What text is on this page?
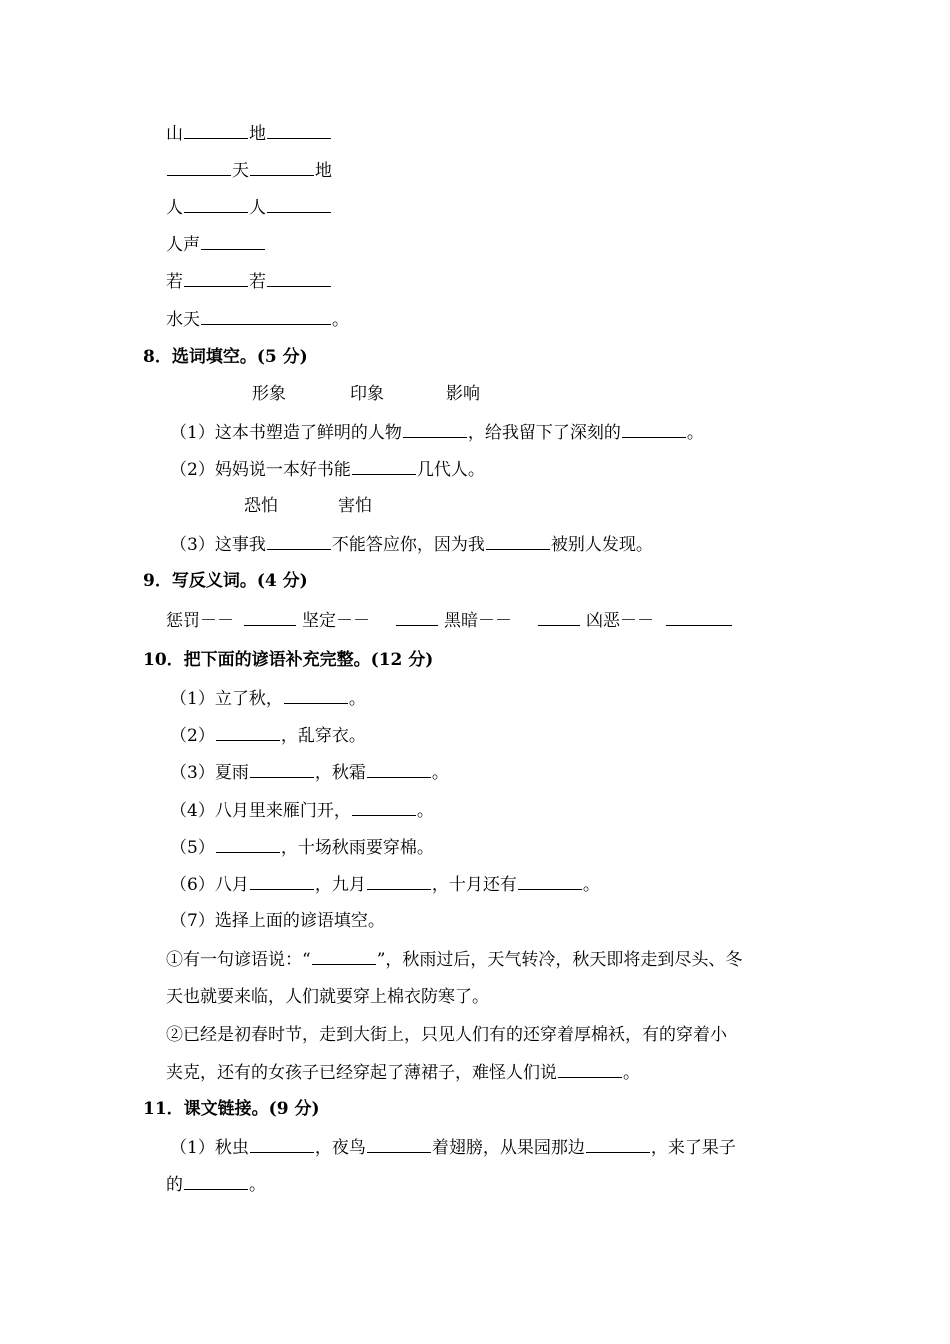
山	地
天	地
人	人
人声
若	若
水天	。
8．选词填空。(5 分)
形象	印象	影响
（1）这本书塑造了鲜明的人物	，给我留下了深刻的	。
（2）妈妈说一本好书能	几代人。
恐怕	害怕
（3）这事我	不能答应你，因为我	被别人发现。
9．写反义词。(4 分)
惩罚－－	坚定－－	黑暗－－	凶恶－－
10．把下面的谚语补充完整。(12 分)
（1）立了秋，	。
（2）	，乱穿衣。
（3）夏雨	，秋霜	。
（4）八月里来雁门开，	。
（5）	，十场秋雨要穿棉。
（6）八月	，九月	，十月还有	。
（7）选择上面的谚语填空。
①有一句谚语说：“	”，秋雨过后，天气转冷，秋天即将走到尽头、冬
天也就要来临，人们就要穿上棉衣防寒了。
②已经是初春时节，走到大街上，只见人们有的还穿着厚棉袄，有的穿着小
夹克，还有的女孩子已经穿起了薄裙子，难怪人们说	。
11．课文链接。(9 分)
（1）秋虫	，夜鸟	着翅膀，从果园那边	，来了果子
的	。
